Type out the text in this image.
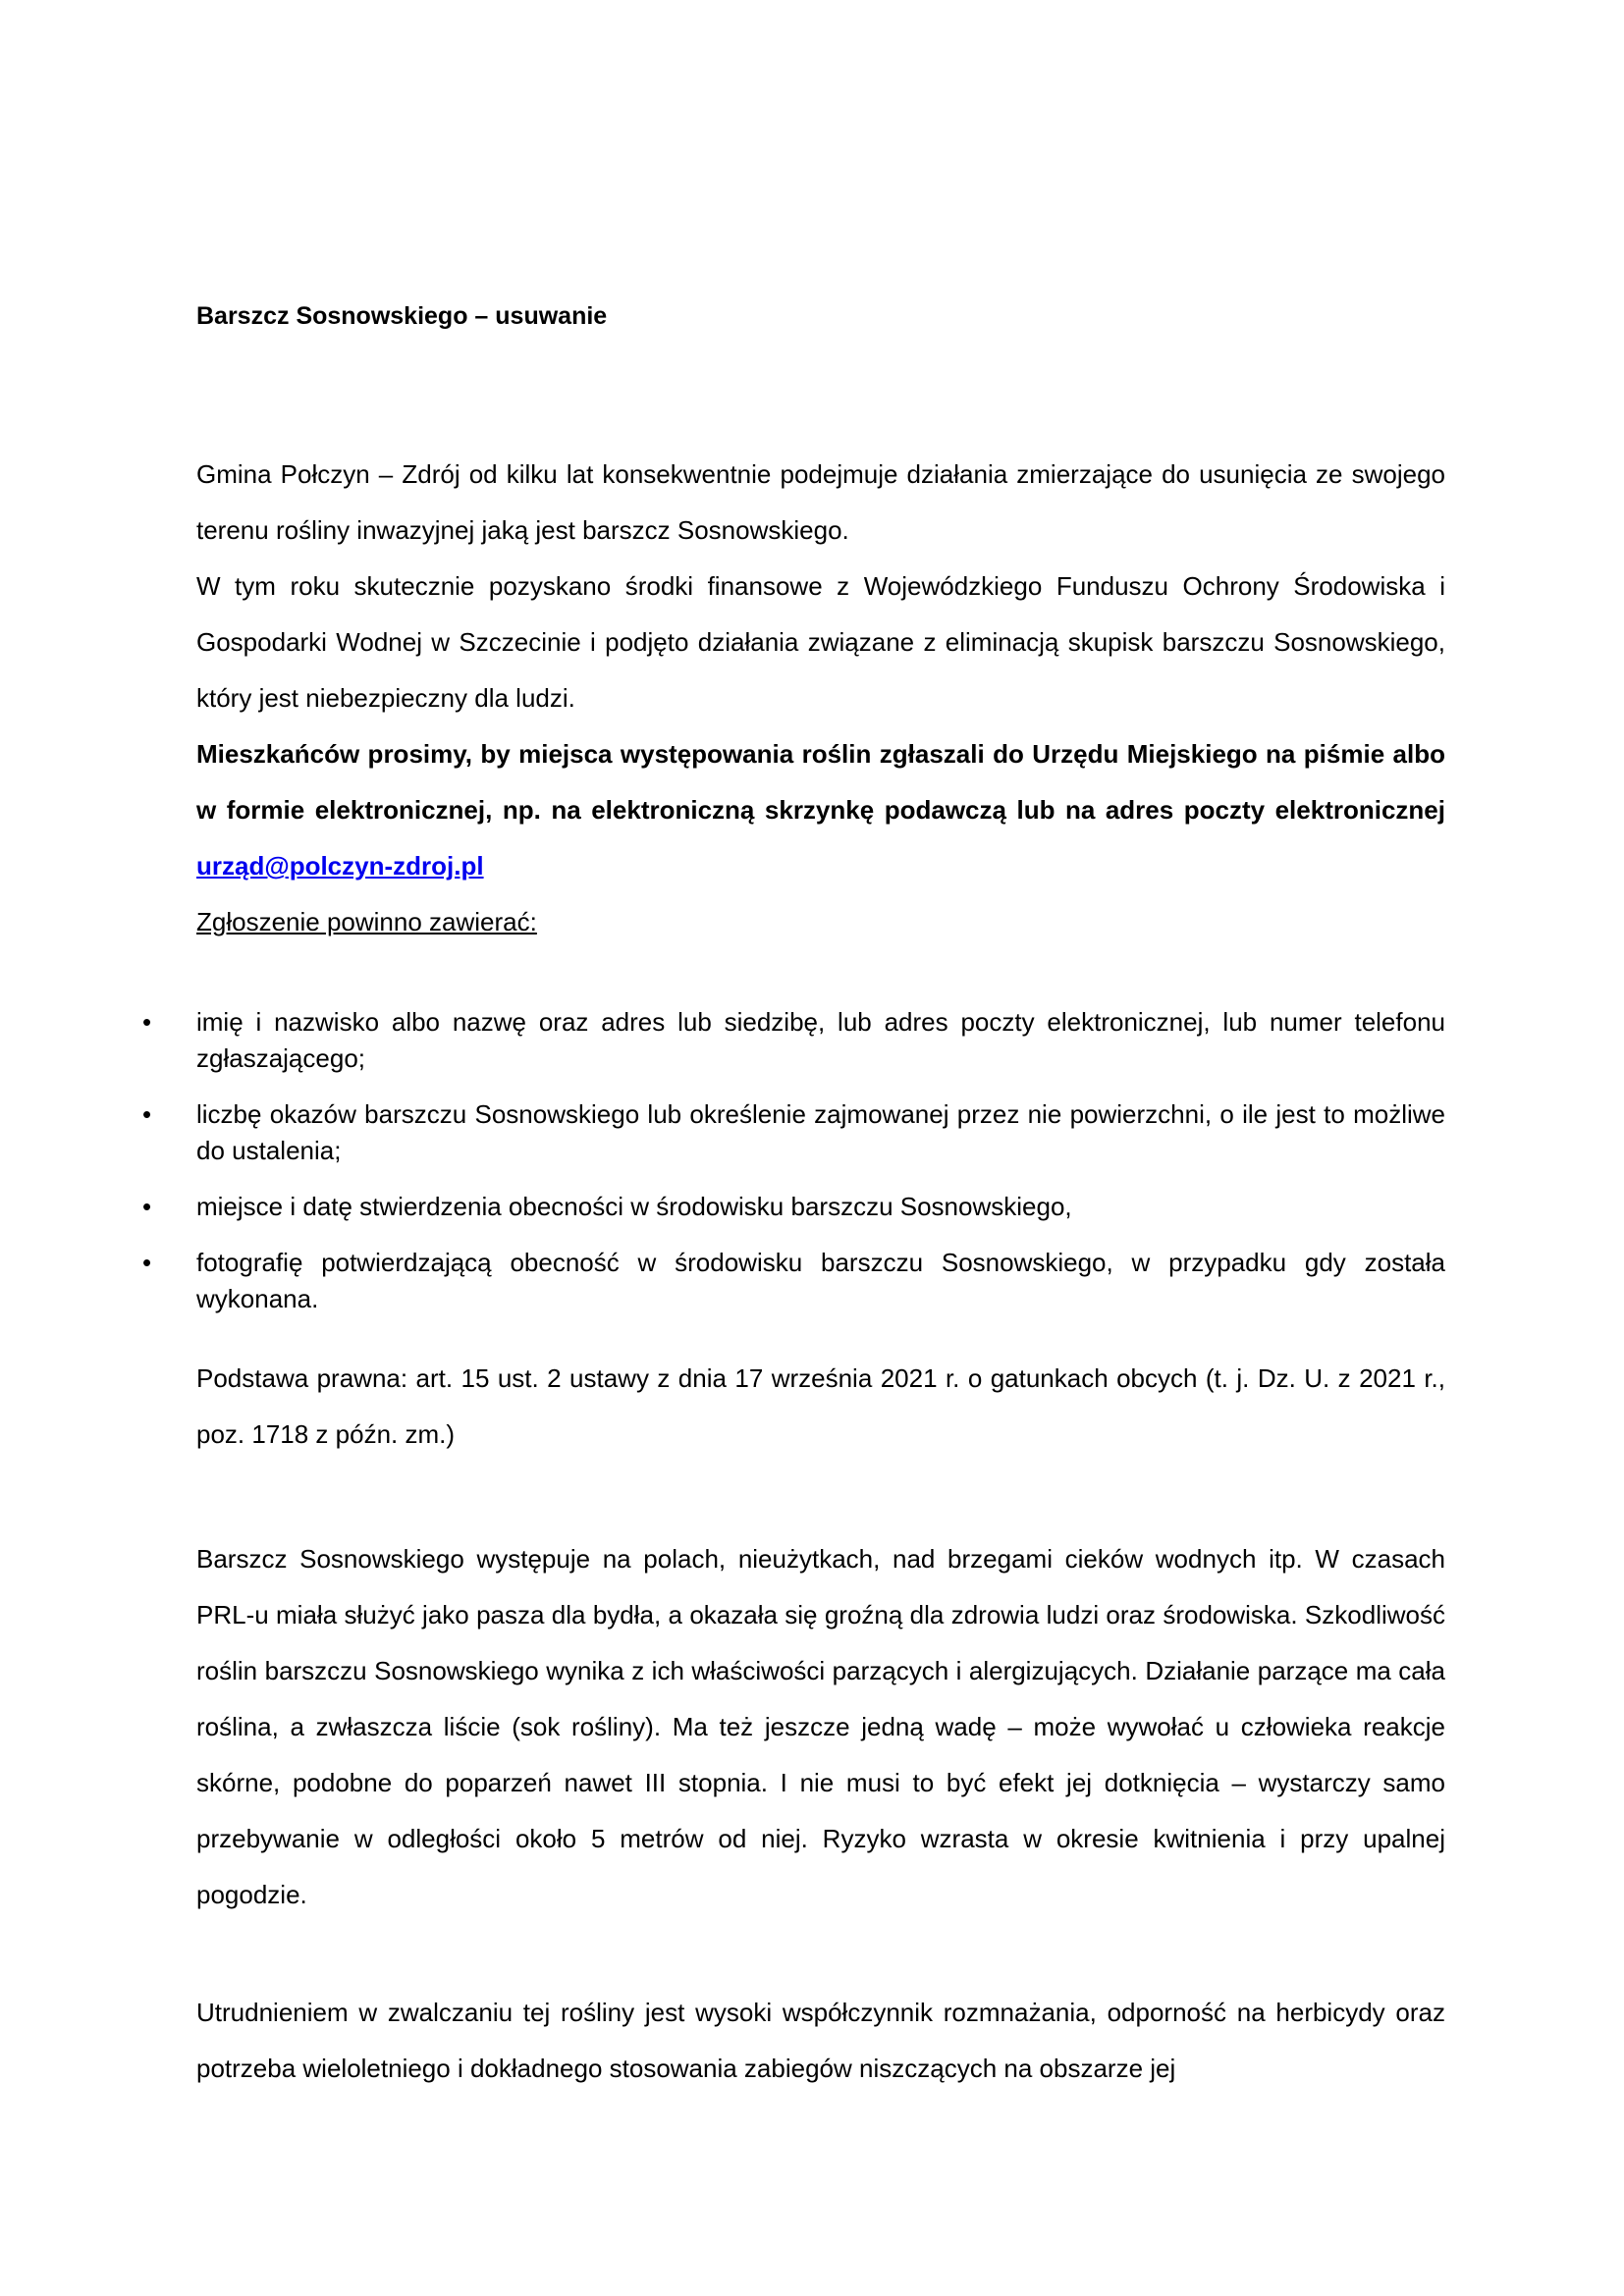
Barszcz Sosnowskiego – usuwanie
Gmina Połczyn – Zdrój od kilku lat konsekwentnie podejmuje działania zmierzające do usunięcia ze swojego terenu rośliny inwazyjnej jaką jest barszcz Sosnowskiego.
W tym roku skutecznie pozyskano środki finansowe z Wojewódzkiego Funduszu Ochrony Środowiska i Gospodarki Wodnej w Szczecinie i podjęto działania związane z eliminacją skupisk barszczu Sosnowskiego, który jest niebezpieczny dla ludzi.
Mieszkańców prosimy, by miejsca występowania roślin zgłaszali do Urzędu Miejskiego na piśmie albo w formie elektronicznej, np. na elektroniczną skrzynkę podawczą lub na adres poczty elektronicznej urząd@polczyn-zdroj.pl
Zgłoszenie powinno zawierać:
• imię i nazwisko albo nazwę oraz adres lub siedzibę, lub adres poczty elektronicznej, lub numer telefonu zgłaszającego;
• liczbę okazów barszczu Sosnowskiego lub określenie zajmowanej przez nie powierzchni, o ile jest to możliwe do ustalenia;
• miejsce i datę stwierdzenia obecności w środowisku barszczu Sosnowskiego,
• fotografię potwierdzającą obecność w środowisku barszczu Sosnowskiego, w przypadku gdy została wykonana.
Podstawa prawna: art. 15 ust. 2 ustawy z dnia 17 września 2021 r. o gatunkach obcych (t. j. Dz. U. z 2021 r., poz. 1718 z późn. zm.)
Barszcz Sosnowskiego występuje na polach, nieużytkach, nad brzegami cieków wodnych itp. W czasach PRL-u miała służyć jako pasza dla bydła, a okazała się groźną dla zdrowia ludzi oraz środowiska. Szkodliwość roślin barszczu Sosnowskiego wynika z ich właściwości parzących i alergizujących. Działanie parzące ma cała roślina, a zwłaszcza liście (sok rośliny). Ma też jeszcze jedną wadę – może wywołać u człowieka reakcje skórne, podobne do poparzeń nawet III stopnia. I nie musi to być efekt jej dotknięcia – wystarczy samo przebywanie w odległości około 5 metrów od niej. Ryzyko wzrasta w okresie kwitnienia i przy upalnej pogodzie.
Utrudnieniem w zwalczaniu tej rośliny jest wysoki współczynnik rozmnażania, odporność na herbicydy oraz potrzeba wieloletniego i dokładnego stosowania zabiegów niszczących na obszarze jej
